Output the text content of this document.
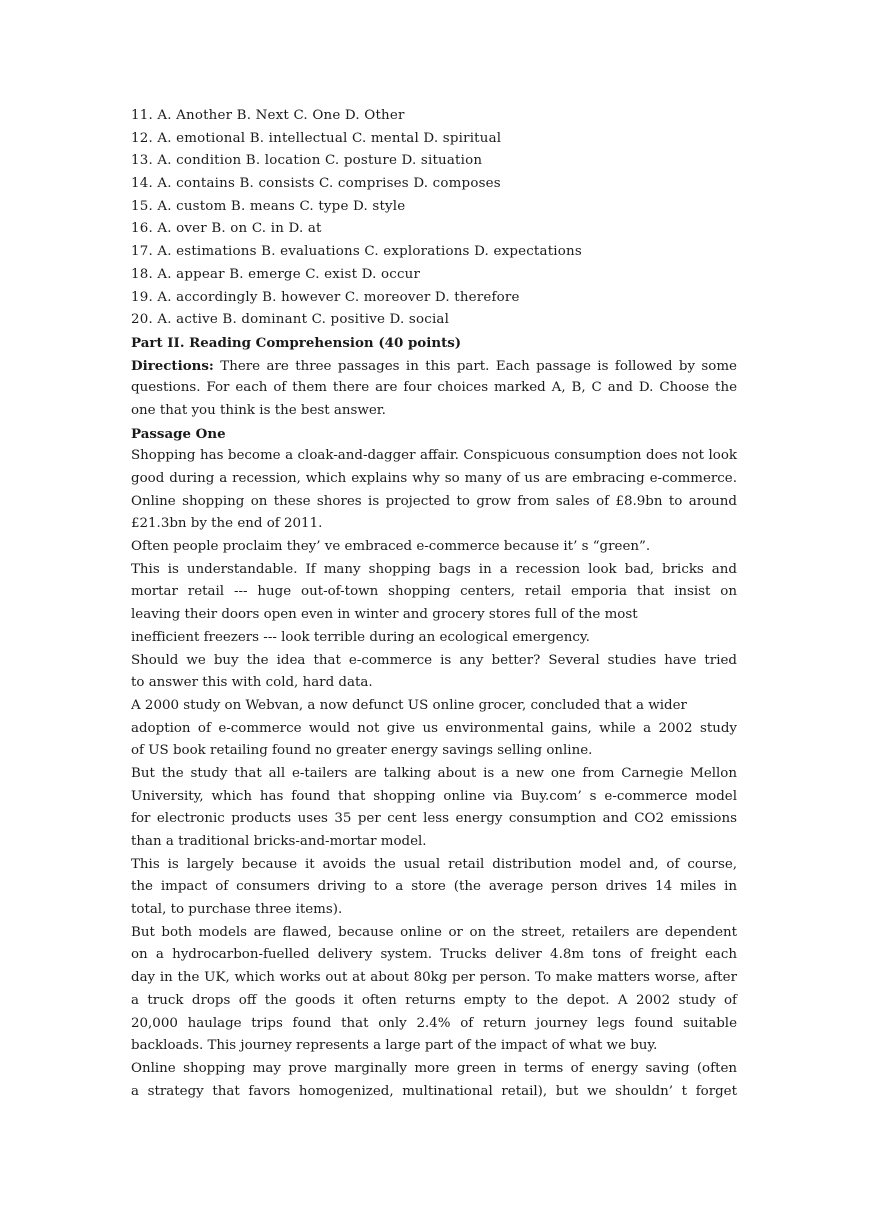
11. A. Another B. Next C. One D. Other
12. A. emotional B. intellectual C. mental D. spiritual
13. A. condition B. location C. posture D. situation
14. A. contains B. consists C. comprises D. composes
15. A. custom B. means C. type D. style
16. A. over B. on C. in D. at
17. A. estimations B. evaluations C. explorations D. expectations
18. A. appear B. emerge C. exist D. occur
19. A. accordingly B. however C. moreover D. therefore
20. A. active B. dominant C. positive D. social
Part II. Reading Comprehension (40 points)
Directions: There are three passages in this part. Each passage is followed by some
questions. For each of them there are four choices marked A, B, C and D. Choose the
one that you think is the best answer.
Passage One
Shopping has become a cloak-and-dagger affair. Conspicuous consumption does not look
good during a recession, which explains why so many of us are embracing e-commerce.
Online shopping on these shores is projected to grow from sales of £8.9bn to around
£21.3bn by the end of 2011.
Often people proclaim they’ ve embraced e-commerce because it’ s “green”.
This is understandable. If many shopping bags in a recession look bad, bricks and
mortar retail --- huge out-of-town shopping centers, retail emporia that insist on
leaving their doors open even in winter and grocery stores full of the most
inefficient freezers --- look terrible during an ecological emergency.
Should we buy the idea that e-commerce is any better? Several studies have tried
to answer this with cold, hard data.
A 2000 study on Webvan, a now defunct US online grocer, concluded that a wider
adoption of e-commerce would not give us environmental gains, while a 2002 study
of US book retailing found no greater energy savings selling online.
But the study that all e-tailers are talking about is a new one from Carnegie Mellon
University, which has found that shopping online via Buy.com’ s e-commerce model
for electronic products uses 35 per cent less energy consumption and CO2 emissions
than a traditional bricks-and-mortar model.
This is largely because it avoids the usual retail distribution model and, of course,
the impact of consumers driving to a store (the average person drives 14 miles in
total, to purchase three items).
But both models are flawed, because online or on the street, retailers are dependent
on a hydrocarbon-fuelled delivery system. Trucks deliver 4.8m tons of freight each
day in the UK, which works out at about 80kg per person. To make matters worse, after
a truck drops off the goods it often returns empty to the depot. A 2002 study of
20,000 haulage trips found that only 2.4% of return journey legs found suitable
backloads. This journey represents a large part of the impact of what we buy.
Online shopping may prove marginally more green in terms of energy saving (often
a strategy that favors homogenized, multinational retail), but we shouldn’ t forget
